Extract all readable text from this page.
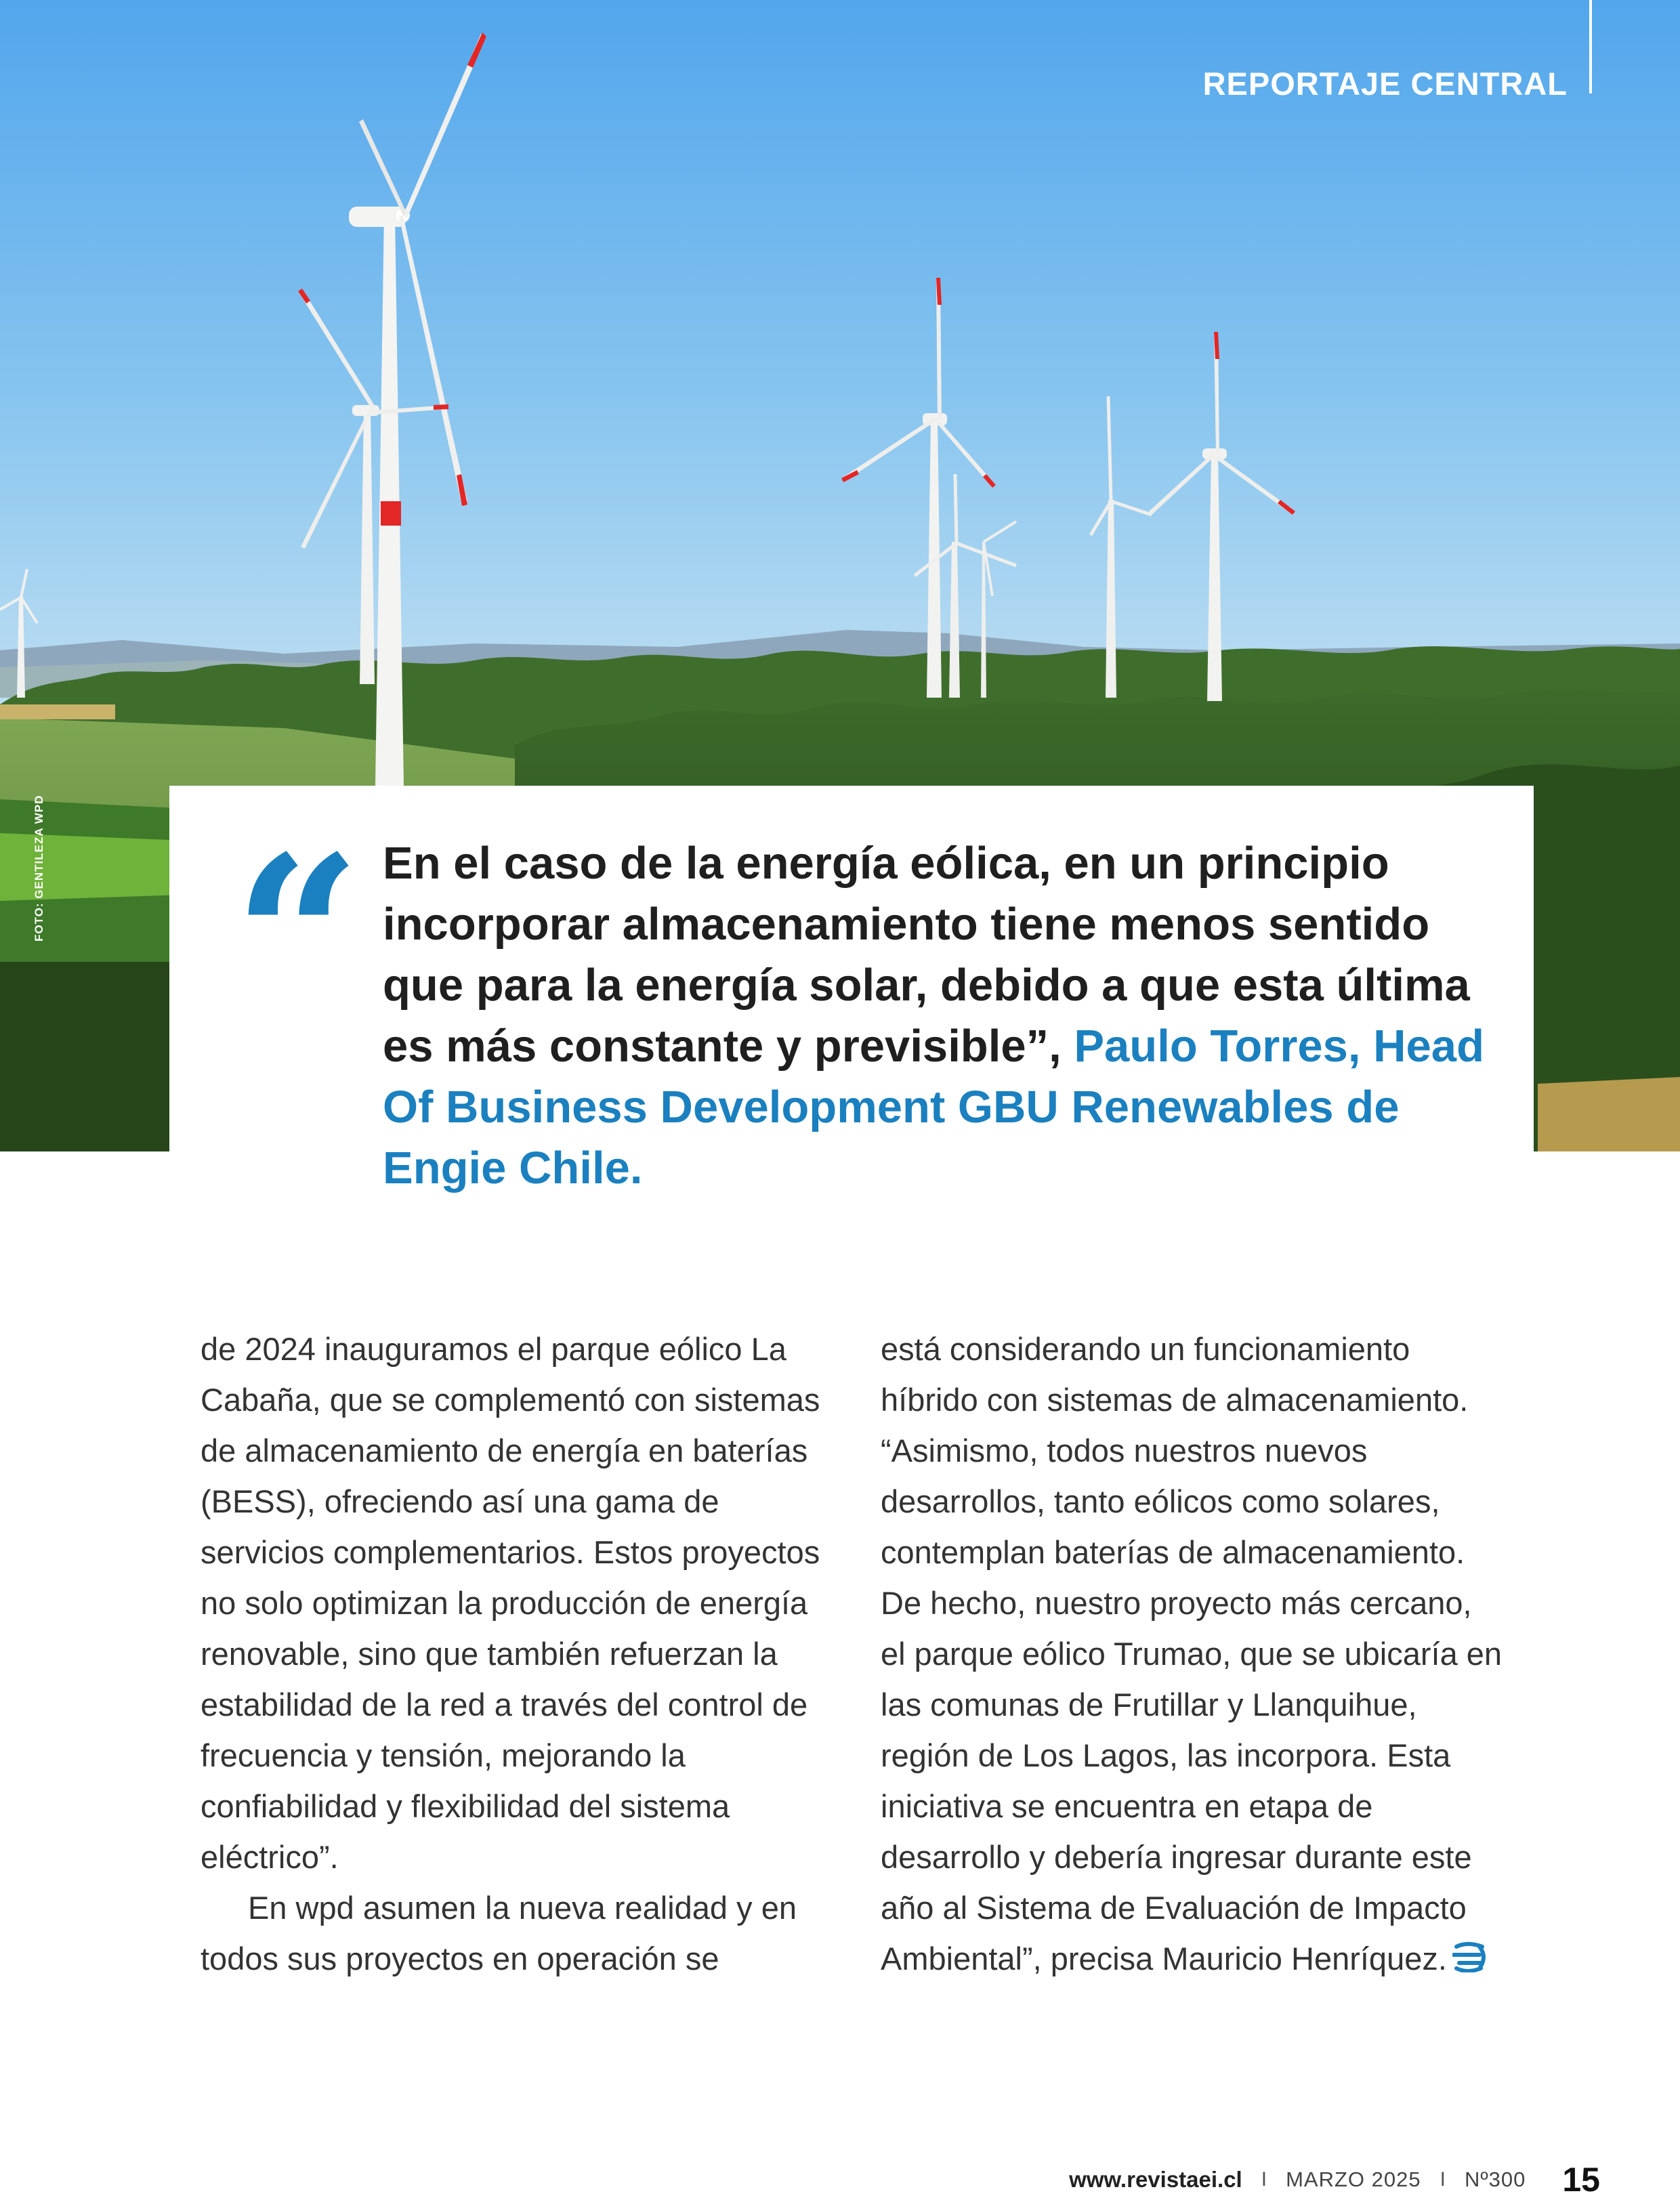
REPORTAJE CENTRAL
FOTO: GENTILEZA WPD “ En el caso de la energía eólica, en un principio incorporar almacenamiento tiene menos sentido que para la energía solar, debido a que esta última es más constante y previsible”, Paulo Torres, Head Of Business Development GBU Renewables de Engie Chile.

de 2024 inauguramos el parque eólico La Cabaña, que se complementó con sistemas de almacenamiento de energía en baterías (BESS), ofreciendo así una gama de servicios complementarios. Estos proyectos no solo optimizan la producción de energía renovable, sino que también refuerzan la estabilidad de la red a través del control de frecuencia y tensión, mejorando la confiabilidad y flexibilidad del sistema eléctrico”.

En wpd asumen la nueva realidad y en todos sus proyectos en operación se

está considerando un funcionamiento híbrido con sistemas de almacenamiento. “Asimismo, todos nuestros nuevos desarrollos, tanto eólicos como solares, contemplan baterías de almacenamiento. De hecho, nuestro proyecto más cercano, el parque eólico Trumao, que se ubicaría en las comunas de Frutillar y Llanquihue, región de Los Lagos, las incorpora. Esta iniciativa se encuentra en etapa de desarrollo y debería ingresar durante este año al Sistema de Evaluación de Impacto Ambiental”, precisa Mauricio Henríquez.

www.revistaei.cl I MARZO 2025 I Nº300 15
